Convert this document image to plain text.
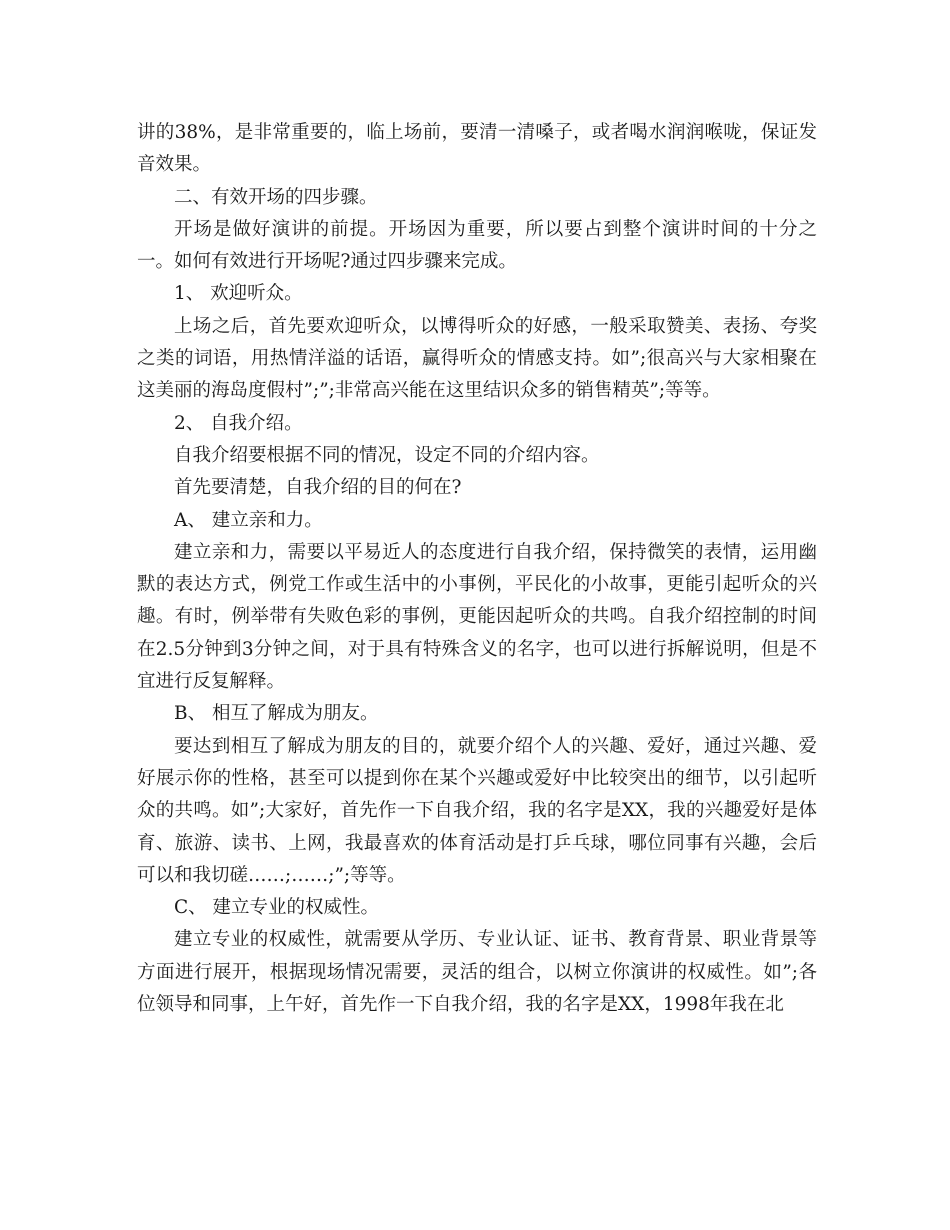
讲的38%，是非常重要的，临上场前，要清一清嗓子，或者喝水润润喉咙，保证发音效果。

二、有效开场的四步骤。

开场是做好演讲的前提。开场因为重要，所以要占到整个演讲时间的十分之一。如何有效进行开场呢?通过四步骤来完成。

1、 欢迎听众。

上场之后，首先要欢迎听众，以博得听众的好感，一般采取赞美、表扬、夸奖之类的词语，用热情洋溢的话语，赢得听众的情感支持。如”;很高兴与大家相聚在这美丽的海岛度假村”;”;非常高兴能在这里结识众多的销售精英”;等等。

2、 自我介绍。

自我介绍要根据不同的情况，设定不同的介绍内容。

首先要清楚，自我介绍的目的何在?

A、 建立亲和力。

建立亲和力，需要以平易近人的态度进行自我介绍，保持微笑的表情，运用幽默的表达方式，例党工作或生活中的小事例，平民化的小故事，更能引起听众的兴趣。有时，例举带有失败色彩的事例，更能因起听众的共鸣。自我介绍控制的时间在2.5分钟到3分钟之间，对于具有特殊含义的名字，也可以进行拆解说明，但是不宜进行反复解释。

B、 相互了解成为朋友。

要达到相互了解成为朋友的目的，就要介绍个人的兴趣、爱好，通过兴趣、爱好展示你的性格，甚至可以提到你在某个兴趣或爱好中比较突出的细节，以引起听众的共鸣。如”;大家好，首先作一下自我介绍，我的名字是XX，我的兴趣爱好是体育、旅游、读书、上网，我最喜欢的体育活动是打乒乓球，哪位同事有兴趣，会后可以和我切磋……;……;”;等等。

C、 建立专业的权威性。

建立专业的权威性，就需要从学历、专业认证、证书、教育背景、职业背景等方面进行展开，根据现场情况需要，灵活的组合，以树立你演讲的权威性。如”;各位领导和同事，上午好，首先作一下自我介绍，我的名字是XX，1998年我在北
